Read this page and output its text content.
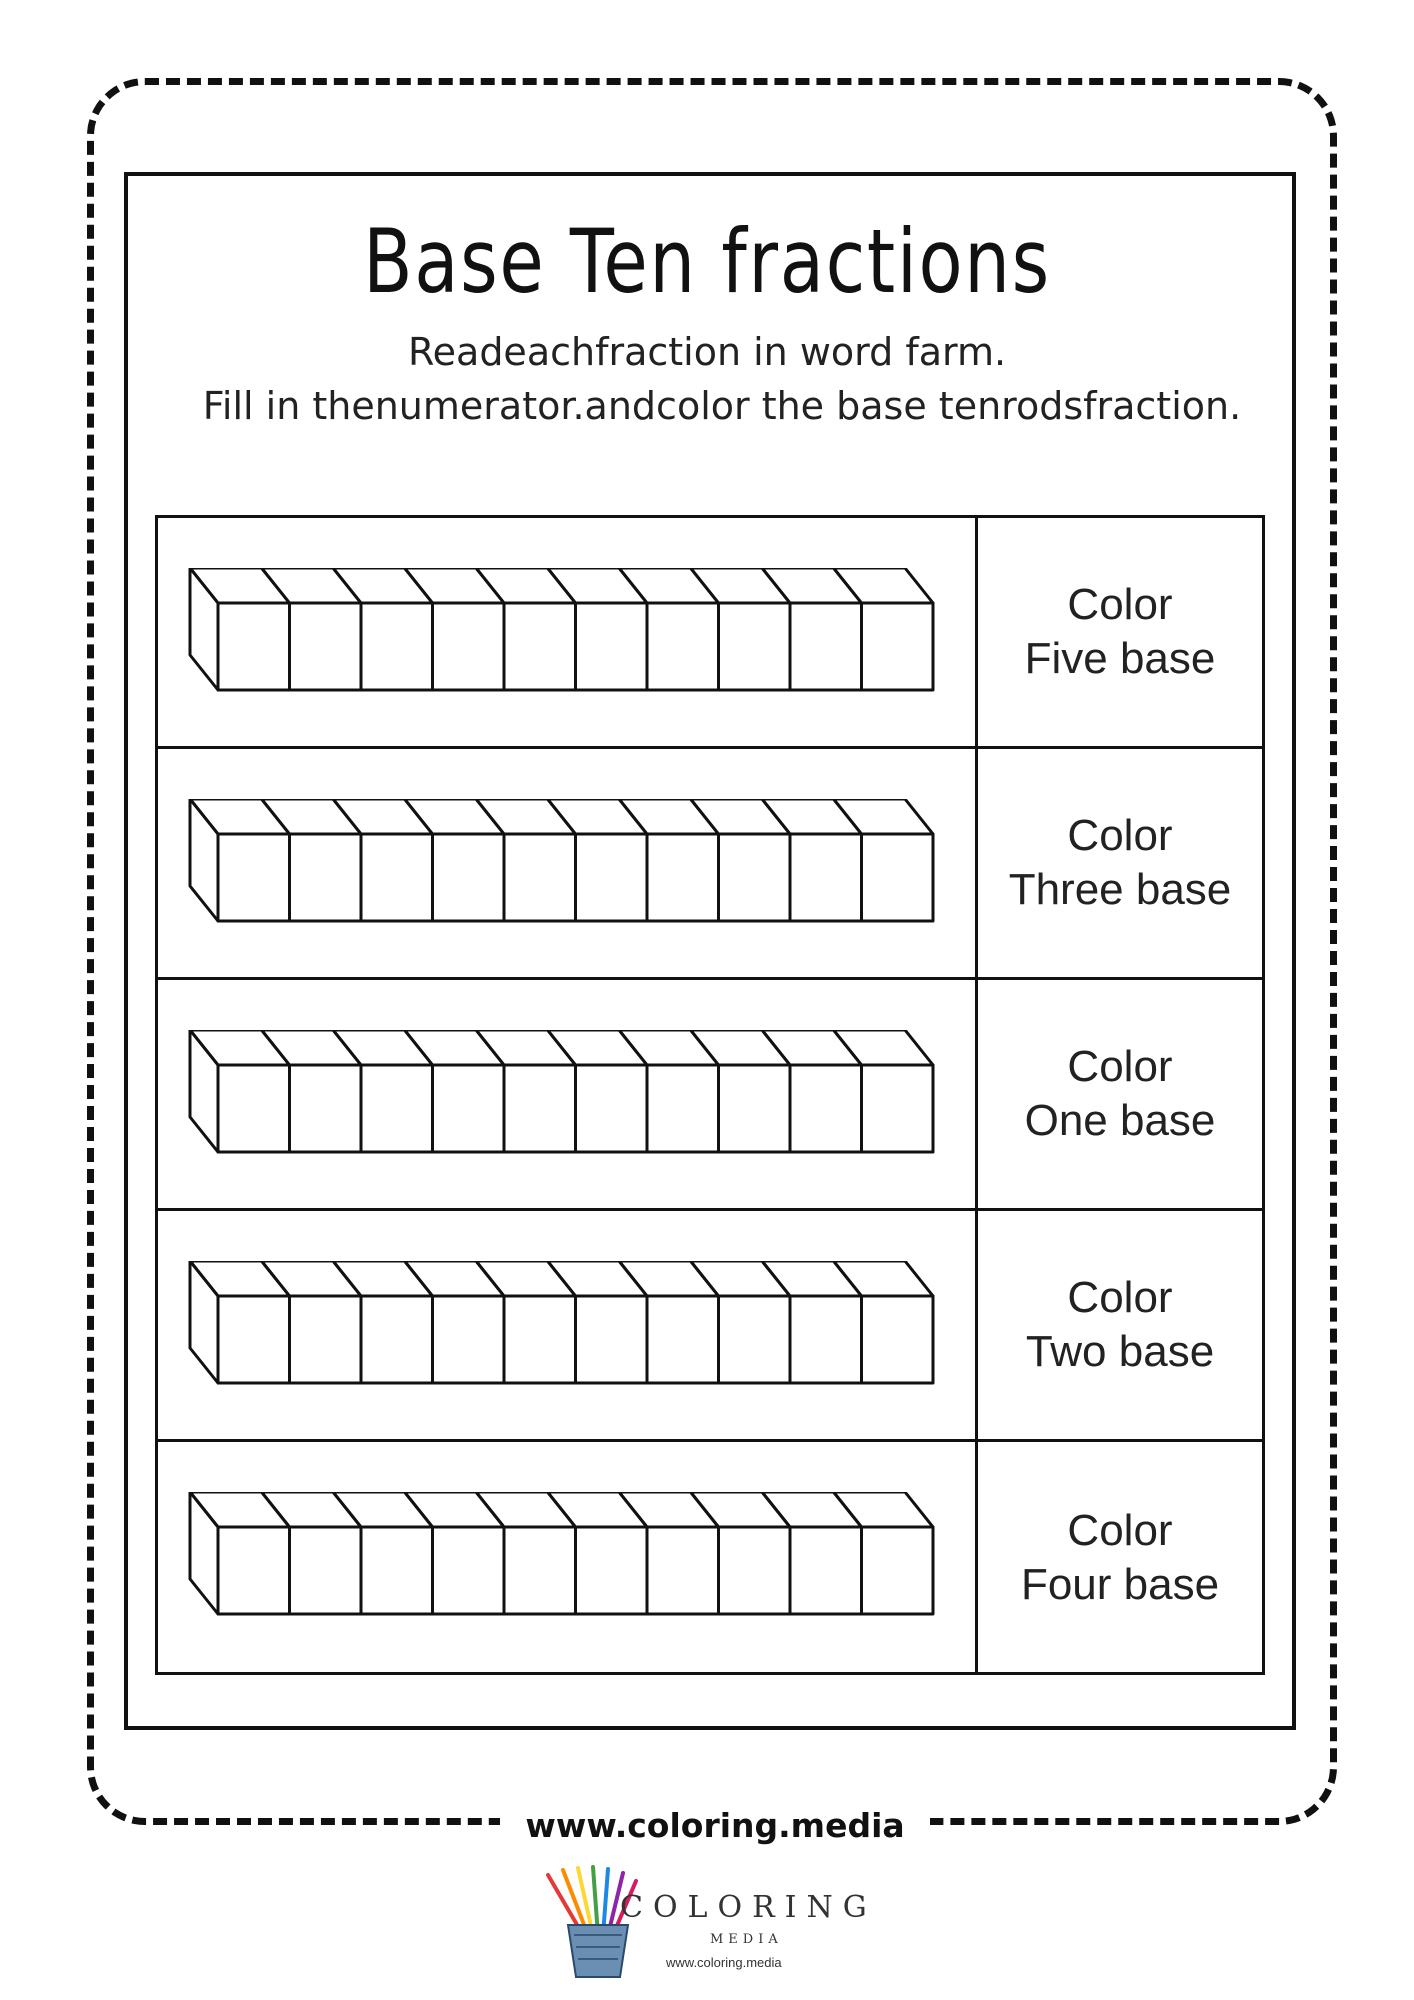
www.coloring.media
Base Ten fractions
Readeachfraction in word farm.
Fill in thenumerator.andcolor the base tenrodsfraction.
Color
Five base
Color
Three base
Color
One base
Color
Two base
Color
Four base
COLORING
MEDIA
www.coloring.media
